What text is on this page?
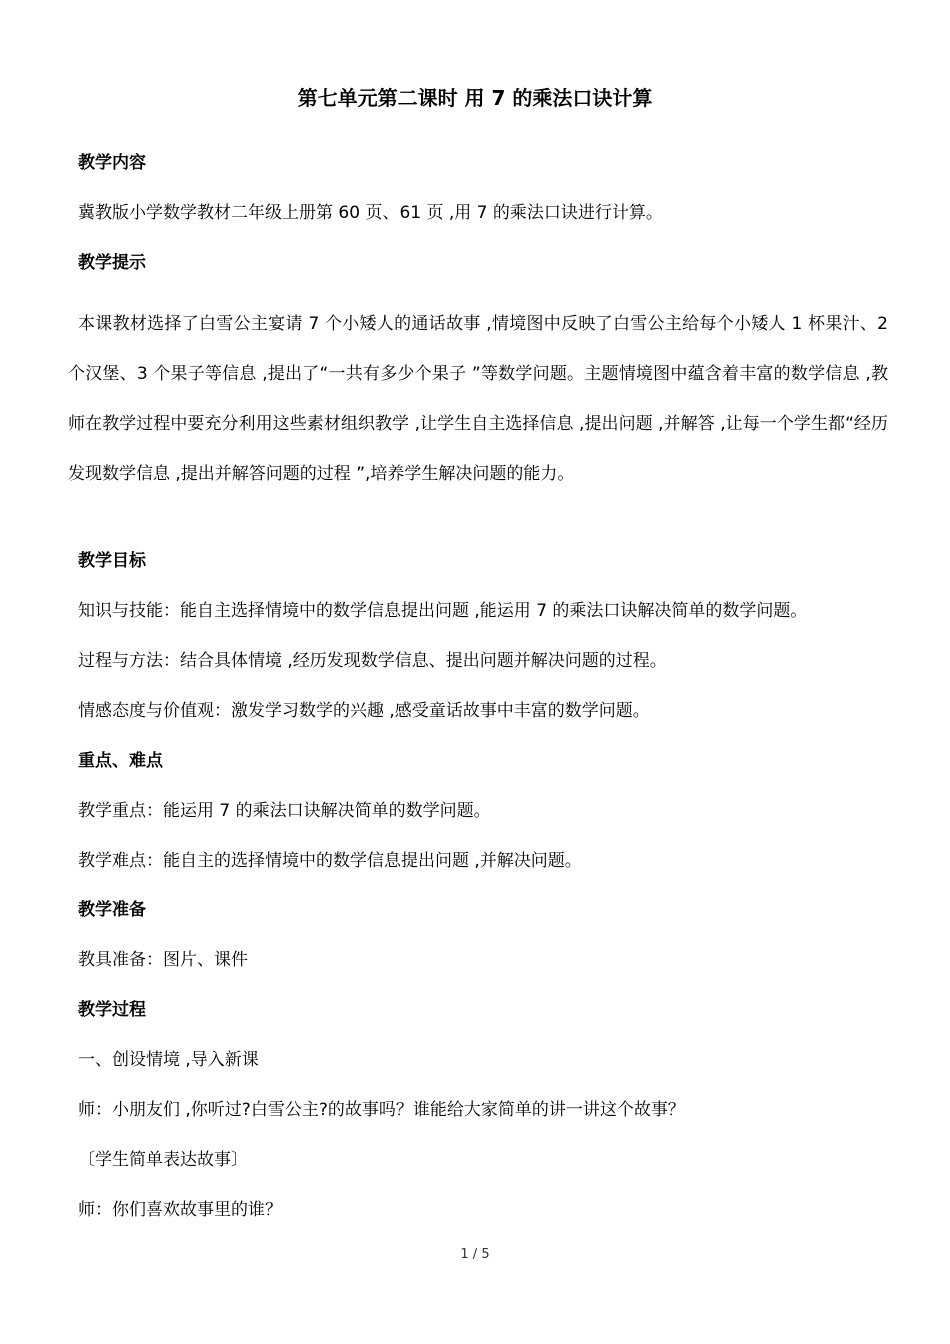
第七单元第二课时 用 7 的乘法口诀计算
教学内容
冀教版小学数学教材二年级上册第 60 页、61 页 ,用 7 的乘法口诀进行计算。
教学提示
本课教材选择了白雪公主宴请 7 个小矮人的通话故事 ,情境图中反映了白雪公主给每个小矮人 1 杯果汁、2 个汉堡、3 个果子等信息 ,提出了“一共有多少个果子 ”等数学问题。主题情境图中蕴含着丰富的数学信息 ,教师在教学过程中要充分利用这些素材组织教学 ,让学生自主选择信息 ,提出问题 ,并解答 ,让每一个学生都“经历发现数学信息 ,提出并解答问题的过程 ”,培养学生解决问题的能力。
教学目标
知识与技能：能自主选择情境中的数学信息提出问题 ,能运用 7 的乘法口诀解决简单的数学问题。
过程与方法：结合具体情境 ,经历发现数学信息、提出问题并解决问题的过程。
情感态度与价值观：激发学习数学的兴趣 ,感受童话故事中丰富的数学问题。
重点、难点
教学重点：能运用 7 的乘法口诀解决简单的数学问题。
教学难点：能自主的选择情境中的数学信息提出问题 ,并解决问题。
教学准备
教具准备：图片、课件
教学过程
一、创设情境 ,导入新课
师：小朋友们 ,你听过?白雪公主?的故事吗？谁能给大家简单的讲一讲这个故事？
〔学生简单表达故事〕
师：你们喜欢故事里的谁？
1 / 5
